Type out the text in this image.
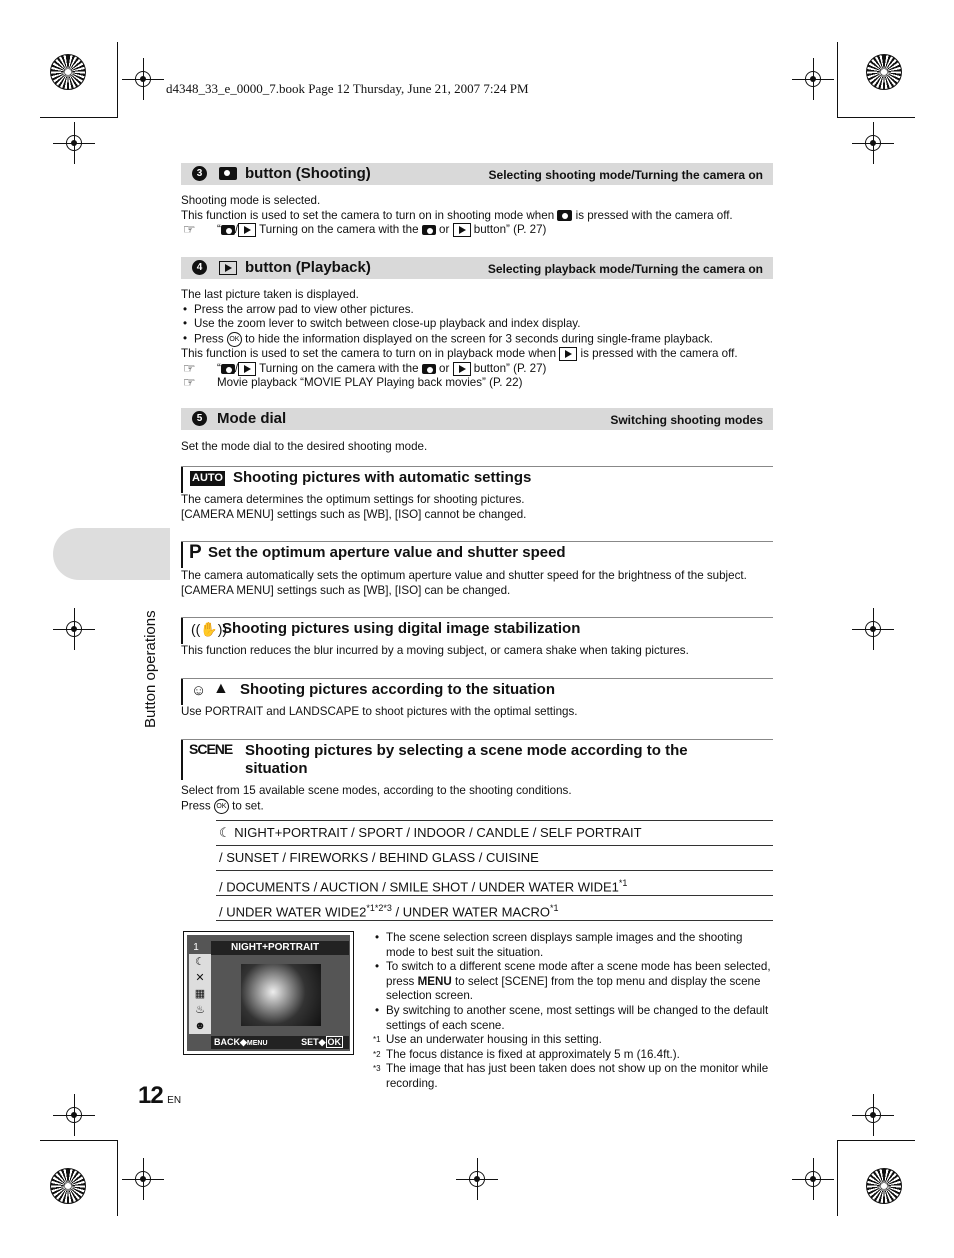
d4348_33_e_0000_7.book Page 12 Thursday, June 21, 2007 7:24 PM
Button operations
3	button (Shooting)	Selecting shooting mode/Turning the camera on
Shooting mode is selected.
This function is used to set the camera to turn on in shooting mode when is pressed with the camera off.
☞ “ / Turning on the camera with the or button” (P. 27)
4	button (Playback)	Selecting playback mode/Turning the camera on
The last picture taken is displayed.
• Press the arrow pad to view other pictures.
• Use the zoom lever to switch between close-up playback and index display.
• Press OK to hide the information displayed on the screen for 3 seconds during single-frame playback.
This function is used to set the camera to turn on in playback mode when is pressed with the camera off.
☞ “ / Turning on the camera with the or button” (P. 27)
☞ Movie playback “MOVIE PLAY Playing back movies” (P. 22)
5 Mode dial	Switching shooting modes
Set the mode dial to the desired shooting mode.
AUTO Shooting pictures with automatic settings
The camera determines the optimum settings for shooting pictures.
[CAMERA MENU] settings such as [WB], [ISO] cannot be changed.
P Set the optimum aperture value and shutter speed
The camera automatically sets the optimum aperture value and shutter speed for the brightness of the subject.
[CAMERA MENU] settings such as [WB], [ISO] can be changed.
((✋))
Shooting pictures using digital image stabilization
This function reduces the blur incurred by a moving subject, or camera shake when taking pictures.
☺ ▲ Shooting pictures according to the situation
Use PORTRAIT and LANDSCAPE to shoot pictures with the optimal settings.
SCENE Shooting pictures by selecting a scene mode according to the
situation
Select from 15 available scene modes, according to the shooting conditions.
Press OK to set.
☾ NIGHT+PORTRAIT / SPORT / INDOOR / CANDLE / SELF PORTRAIT
/ SUNSET / FIREWORKS / BEHIND GLASS / CUISINE
/ DOCUMENTS / AUCTION / SMILE SHOT / UNDER WATER WIDE1$^{*1}$
/ UNDER WATER $WIDE2^{*1*2*3}$ / UNDER WATER MACRO$^{*1}$
1	NIGHT+PORTRAIT
☾
✕
▦
♨
☻
BACK◆MENU	SET◆ OK
• The scene selection screen displays sample images and the shooting mode to best suit the situation.
• To switch to a different scene mode after a scene mode has been selected, press MENU to select [SCENE] from the top menu and display the scene selection screen.
• By switching to another scene, most settings will be changed to the default settings of each scene.
*1 Use an underwater housing in this setting.
*2 The focus distance is fixed at approximately 5 m (16.4ft.).
*3 The image that has just been taken does not show up on the monitor while recording.
12 EN
